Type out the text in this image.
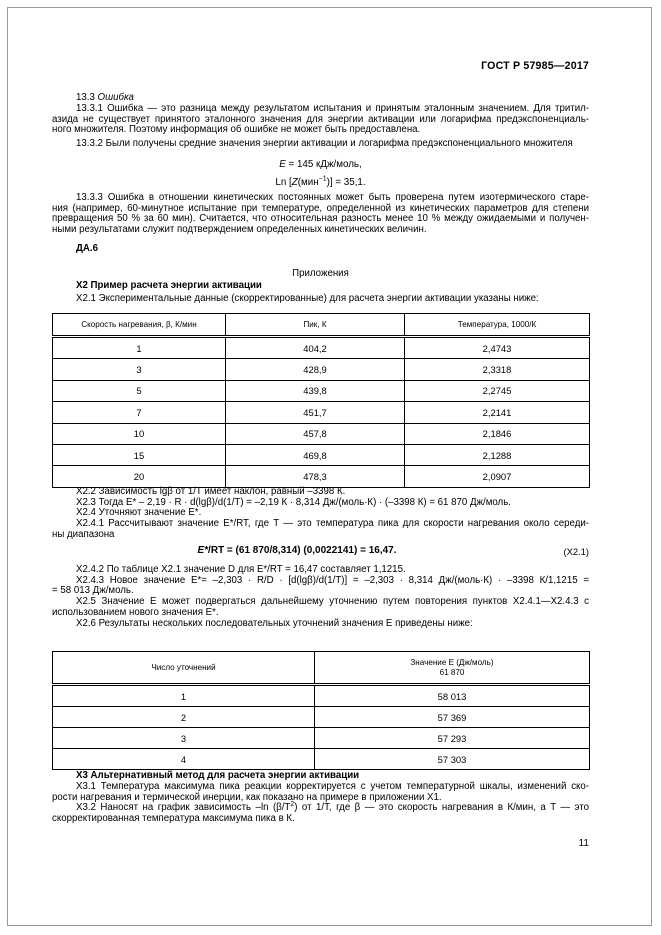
ГОСТ Р 57985—2017
13.3 Ошибка
13.3.1 Ошибка — это разница между результатом испытания и принятым эталонным значением. Для тритил-
азида не существует принятого эталонного значения для энергии активации или логарифма предэкспоненциаль-
ного множителя. Поэтому информация об ошибке не может быть предоставлена.
13.3.2 Были получены средние значения энергии активации и логарифма предэкспоненциального множителя
E = 145 кДж/моль,
Ln [Z(мин$^{-1}$)] = 35,1.
13.3.3 Ошибка в отношении кинетических постоянных может быть проверена путем изотермического старе-
ния (например, 60-минутное испытание при температуре, определенной из кинетических параметров для степени
превращения 50 % за 60 мин). Считается, что относительная разность менее 10 % между ожидаемыми и получен-
ными результатами служит подтверждением определенных кинетических величин.
ДА.6
Приложения
X2 Пример расчета энергии активации
X2.1 Экспериментальные данные (скорректированные) для расчета энергии активации указаны ниже:
Скорость нагревания, β, К/мин	Пик, К	Температура, 1000/К
1	404,2	2,4743
3	428,9	2,3318
5	439,8	2,2745
7	451,7	2,2141
10	457,8	2,1846
15	469,8	2,1288
20	478,3	2,0907
X2.2 Зависимость lgβ от 1/T имеет наклон, равный –3398 К.
X2.3 Тогда E* – 2,19 · R · d(lgβ)/d(1/T) = –2,19 К · 8,314 Дж/(моль·К) · (–3398 К) = 61 870 Дж/моль.
X2.4 Уточняют значение E*.
X2.4.1 Рассчитывают значение E*/RT, где T — это температура пика для скорости нагревания около середи-
ны диапазона
E*/RT = (61 870/8,314) (0,0022141) = 16,47.	(X2.1)
X2.4.2 По таблице X2.1 значение D для E*/RT = 16,47 составляет 1,1215.
X2.4.3 Новое значение E*= –2,303 · R/D · [d(lgβ)/d(1/T)] = –2,303 · 8,314 Дж/(моль·К) · –3398 К/1,1215 =
= 58 013 Дж/моль.
X2.5 Значение E может подвергаться дальнейшему уточнению путем повторения пунктов X2.4.1—X2.4.3 с
использованием нового значения E*.
X2.6 Результаты нескольких последовательных уточнений значения E приведены ниже:
Число уточнений	Значение E (Дж/моль)
61 870

1	58 013
2	57 369
3	57 293
4	57 303
X3 Альтернативный метод для расчета энергии активации
X3.1 Температура максимума пика реакции корректируется с учетом температурной шкалы, изменений ско-
рости нагревания и термической инерции, как показано на примере в приложении X1.
X3.2 Наносят на график зависимость –ln $(\beta/T^2)$ от 1/T, где β — это скорость нагревания в К/мин, а T — это
скорректированная температура максимума пика в К.
11
